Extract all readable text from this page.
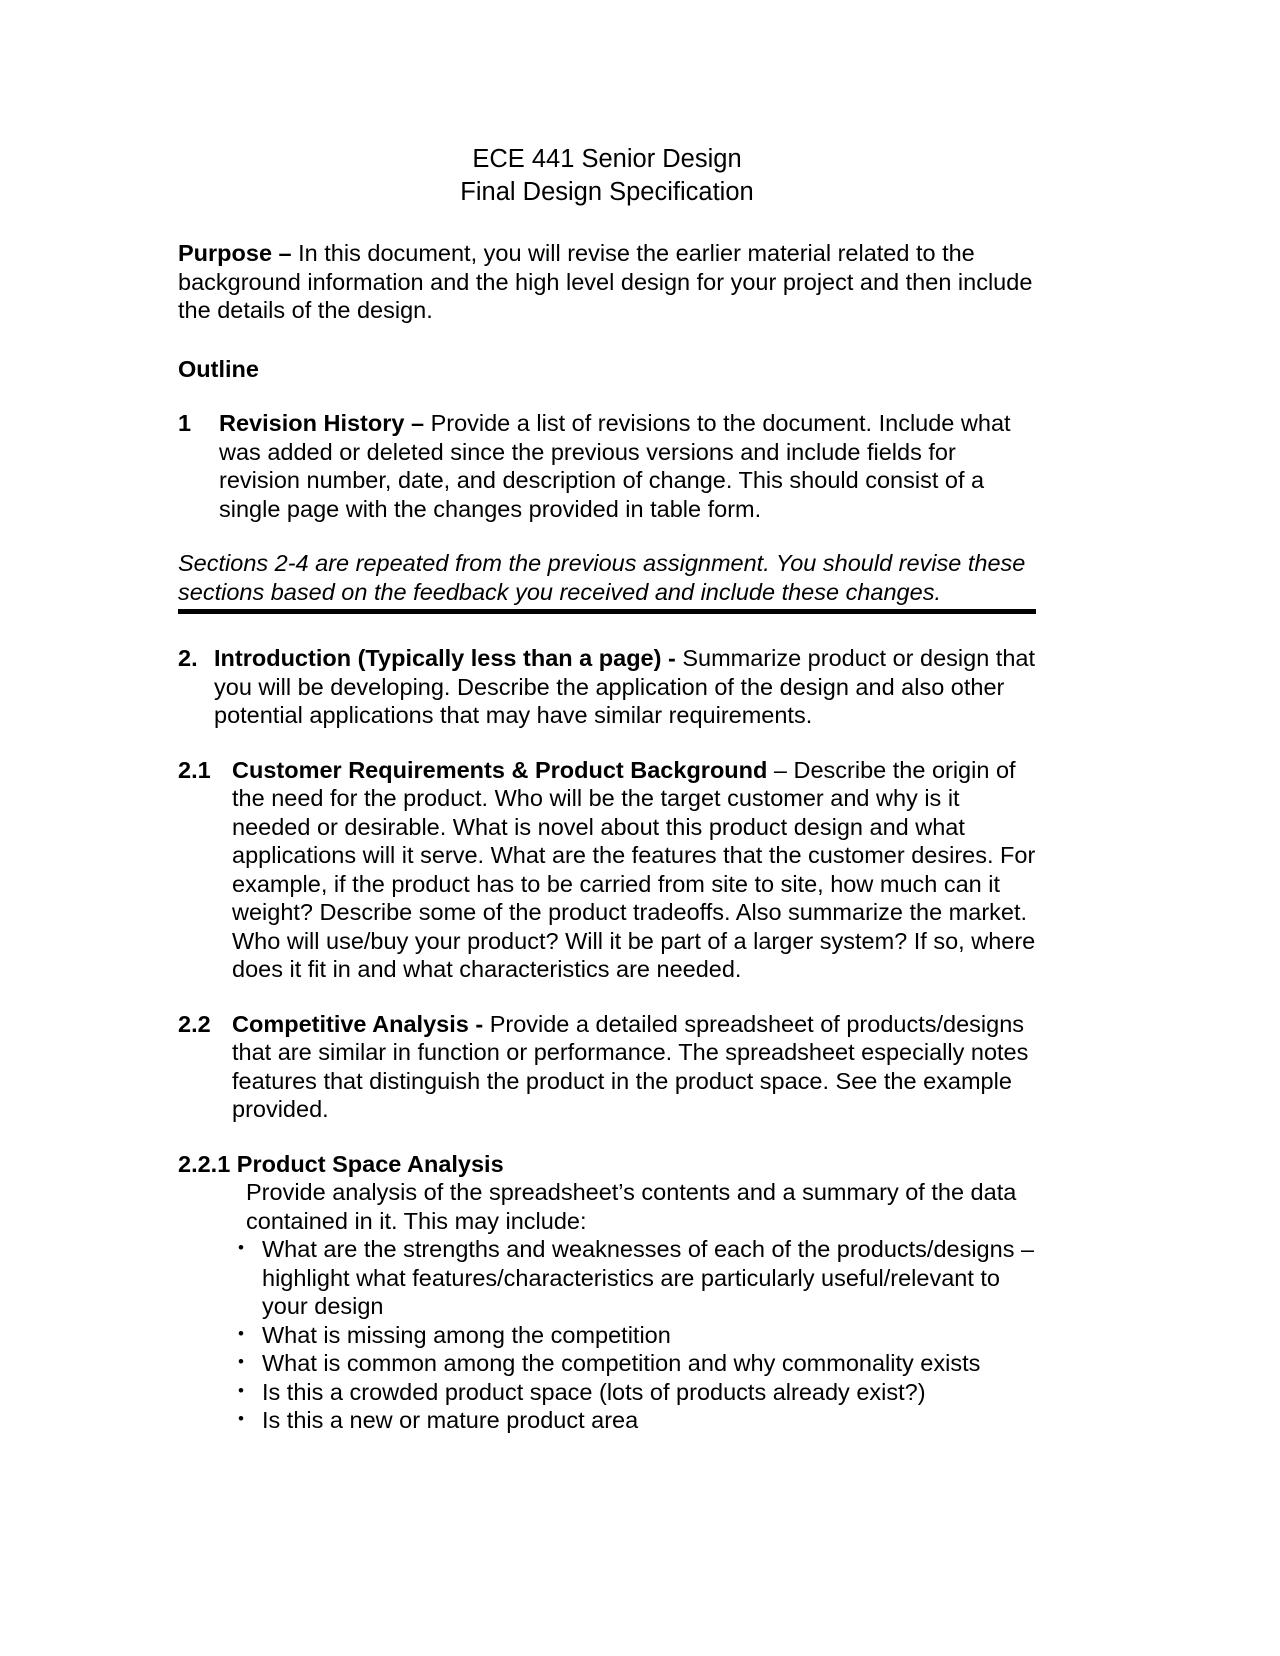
ECE 441 Senior Design
Final Design Specification

Purpose – In this document, you will revise the earlier material related to the background information and the high level design for your project and then include the details of the design.

Outline

1 Revision History – Provide a list of revisions to the document. Include what was added or deleted since the previous versions and include fields for revision number, date, and description of change. This should consist of a single page with the changes provided in table form.
Sections 2-4 are repeated from the previous assignment. You should revise these sections based on the feedback you received and include these changes.
2. Introduction (Typically less than a page) - Summarize product or design that you will be developing. Describe the application of the design and also other potential applications that may have similar requirements.
2.1 Customer Requirements & Product Background – Describe the origin of the need for the product. Who will be the target customer and why is it needed or desirable. What is novel about this product design and what applications will it serve. What are the features that the customer desires. For example, if the product has to be carried from site to site, how much can it weight? Describe some of the product tradeoffs. Also summarize the market. Who will use/buy your product? Will it be part of a larger system? If so, where does it fit in and what characteristics are needed.
2.2 Competitive Analysis - Provide a detailed spreadsheet of products/designs that are similar in function or performance. The spreadsheet especially notes features that distinguish the product in the product space. See the example provided.

2.2.1 Product Space Analysis

Provide analysis of the spreadsheet’s contents and a summary of the data contained in it. This may include:
• What are the strengths and weaknesses of each of the products/designs – highlight what features/characteristics are particularly useful/relevant to your design
• What is missing among the competition
• What is common among the competition and why commonality exists
• Is this a crowded product space (lots of products already exist?)
• Is this a new or mature product area
